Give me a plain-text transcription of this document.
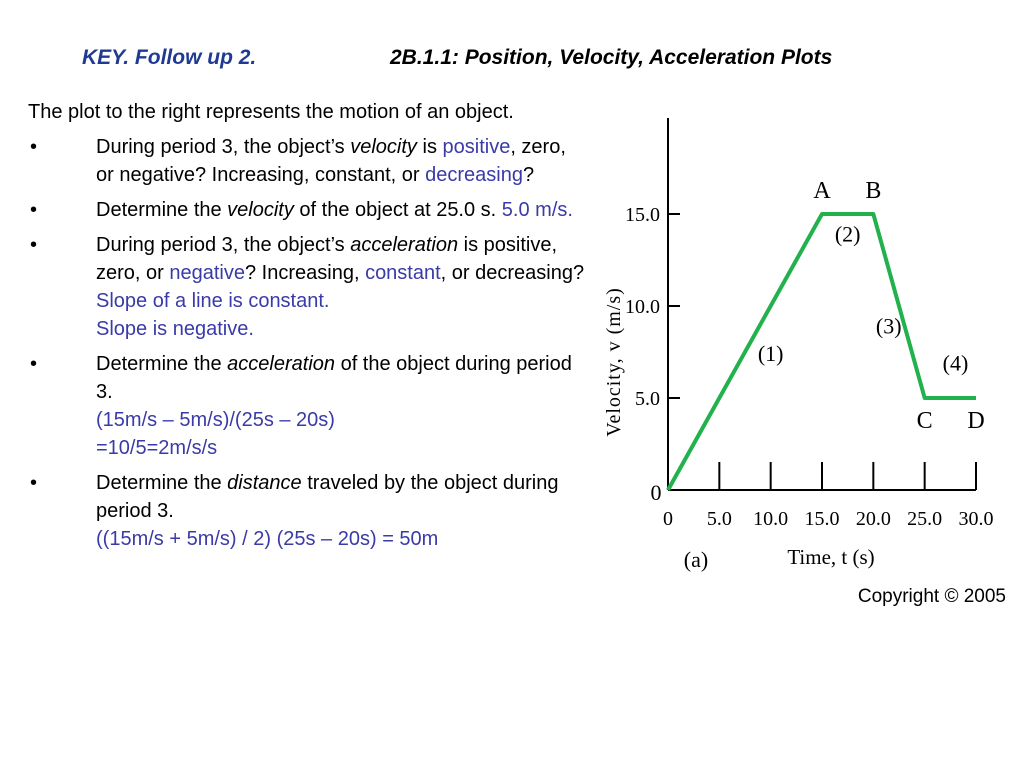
KEY. Follow up 2.	2B.1.1: Position, Velocity, Acceleration Plots

The plot to the right represents the motion of an object.

•	During period 3, the object’s velocity is positive, zero, or negative? Increasing, constant, or decreasing?
•	Determine the velocity of the object at 25.0 s. 5.0 m/s.
•	During period 3, the object’s acceleration is positive, zero, or negative? Increasing, constant, or decreasing?
Slope of a line is constant.
Slope is negative.
•	Determine the acceleration of the object during period 3.
(15m/s – 5m/s)/(25s – 20s)
=10/5=2m/s/s
•	Determine the distance traveled by the object during period 3.
((15m/s + 5m/s) / 2) (25s – 20s) = 50m
0 5.0 10.0 15.0 20.0 25.0 30.0
0
5.0
10.0
15.0
A B
C D
(1)
(2)
(3)
(4)
Velocity, v (m/s)
(a)	Time, t (s)
Copyright © 2005
